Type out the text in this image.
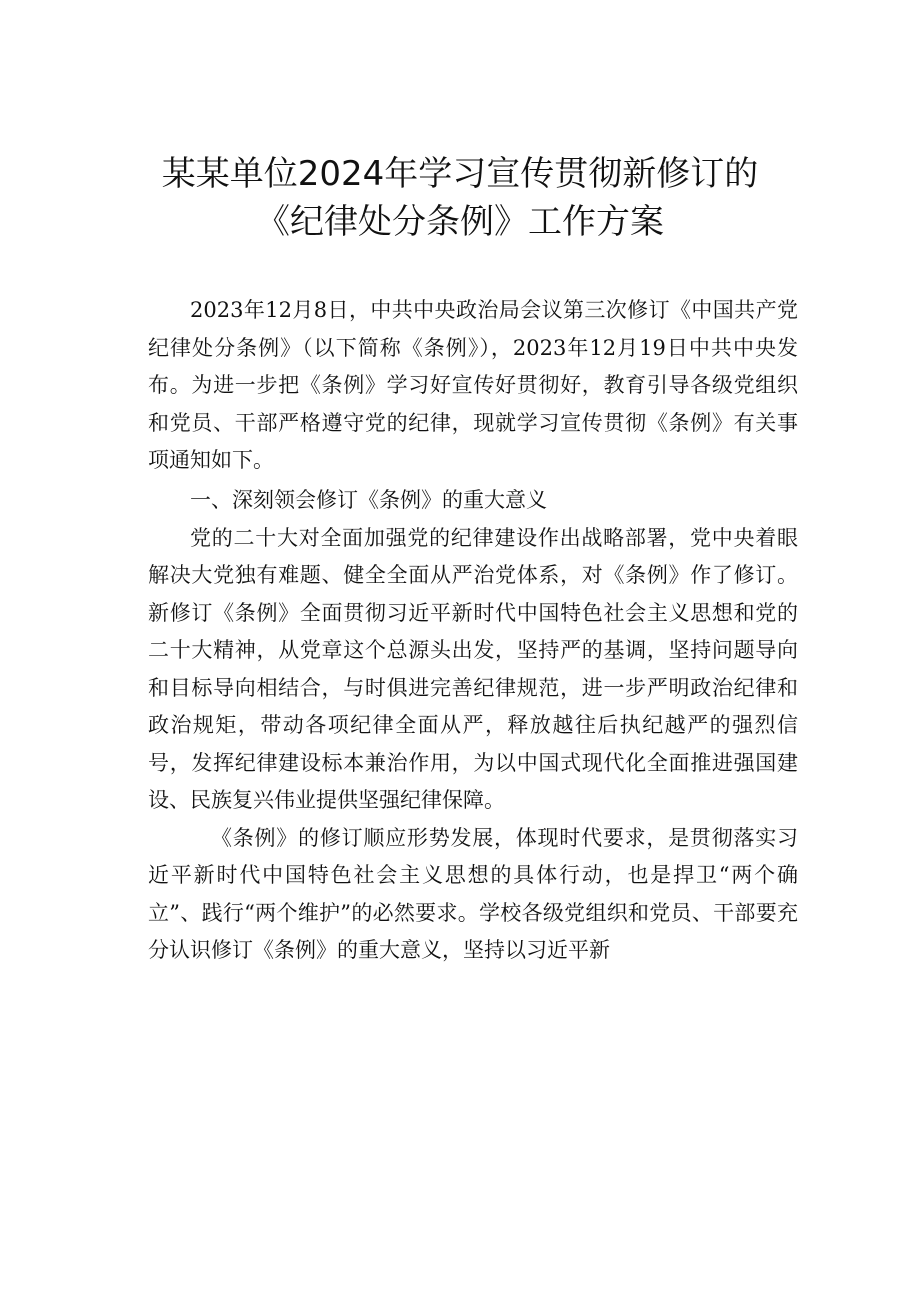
某某单位2024年学习宣传贯彻新修订的
《纪律处分条例》工作方案

2023年12月8日，中共中央政治局会议第三次修订《中国共产党纪律处分条例》（以下简称《条例》），2023年12月19日中共中央发布。为进一步把《条例》学习好宣传好贯彻好，教育引导各级党组织和党员、干部严格遵守党的纪律，现就学习宣传贯彻《条例》有关事项通知如下。

一、深刻领会修订《条例》的重大意义

党的二十大对全面加强党的纪律建设作出战略部署，党中央着眼解决大党独有难题、健全全面从严治党体系，对《条例》作了修订。新修订《条例》全面贯彻习近平新时代中国特色社会主义思想和党的二十大精神，从党章这个总源头出发，坚持严的基调，坚持问题导向和目标导向相结合，与时俱进完善纪律规范，进一步严明政治纪律和政治规矩，带动各项纪律全面从严，释放越往后执纪越严的强烈信号，发挥纪律建设标本兼治作用，为以中国式现代化全面推进强国建设、民族复兴伟业提供坚强纪律保障。

《条例》的修订顺应形势发展，体现时代要求，是贯彻落实习近平新时代中国特色社会主义思想的具体行动，也是捍卫“两个确立”、践行“两个维护”的必然要求。学校各级党组织和党员、干部要充分认识修订《条例》的重大意义，坚持以习近平新
